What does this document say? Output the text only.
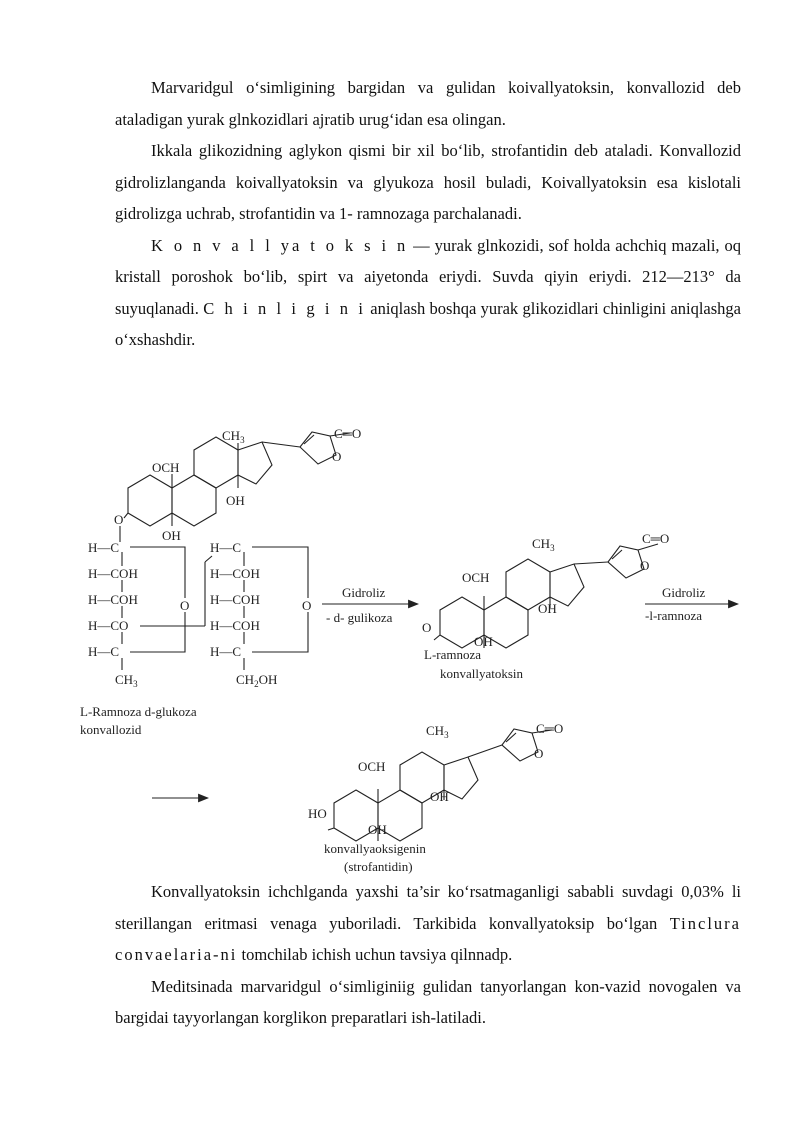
Marvaridgul o‘simligining bargidan va gulidan koivallyatoksin, konvallozid deb ataladigan yurak glnkozidlari ajratib urug‘idan esa olingan.

Ikkala glikozidning aglykon qismi bir xil bo‘lib, strofantidin deb ataladi. Konvallozid gidrolizlanganda koivallyatoksin va glyukoza hosil buladi, Koivallyatoksin esa kislotali gidrolizga uchrab, strofantidin va 1- ramnozaga parchalanadi.

K o n v a l l ya t o k s i n — yurak glnkozidi, sof holda achchiq mazali, oq kristall poroshok bo‘lib, spirt va aiyetonda eriydi. Suvda qiyin eriydi. 212—213° da suyuqlanadi. C h i n l i g i n i aniqlash boshqa yurak glikozidlari chinligini aniqlashga o‘xshashdir.

$CH_3$
OCH
OH
OH
C═O
O
O
H—C
H—COH
H—COH
H—CO
H—C
$CH_3$
O
H—C
H—COH
H—COH
H—COH
H—C
$CH_2OH$
O
L-Ramnoza d-glukoza
konvallozid
Gidroliz
- d- gulikoza
$CH_3$
OCH
OH
OH
C═O
O
O
L-ramnoza
konvallyatoksin
Gidroliz
-l-ramnoza
$CH_3$
OCH
OH
OH
C═O
O
HO
konvallyaoksigenin
(strofantidin)

Konvallyatoksin ichchlganda yaxshi ta’sir ko‘rsatmaganligi sababli suvdagi 0,03% li sterillangan eritmasi venaga yuboriladi. Tarkibida konvallyatoksip bo‘lgan Tinclura convaelaria-ni tomchilab ichish uchun tavsiya qilnnadp.

Meditsinada marvaridgul o‘simliginiig gulidan tanyorlangan kon-vazid novogalen va bargidai tayyorlangan korglikon preparatlari ish-latiladi.
